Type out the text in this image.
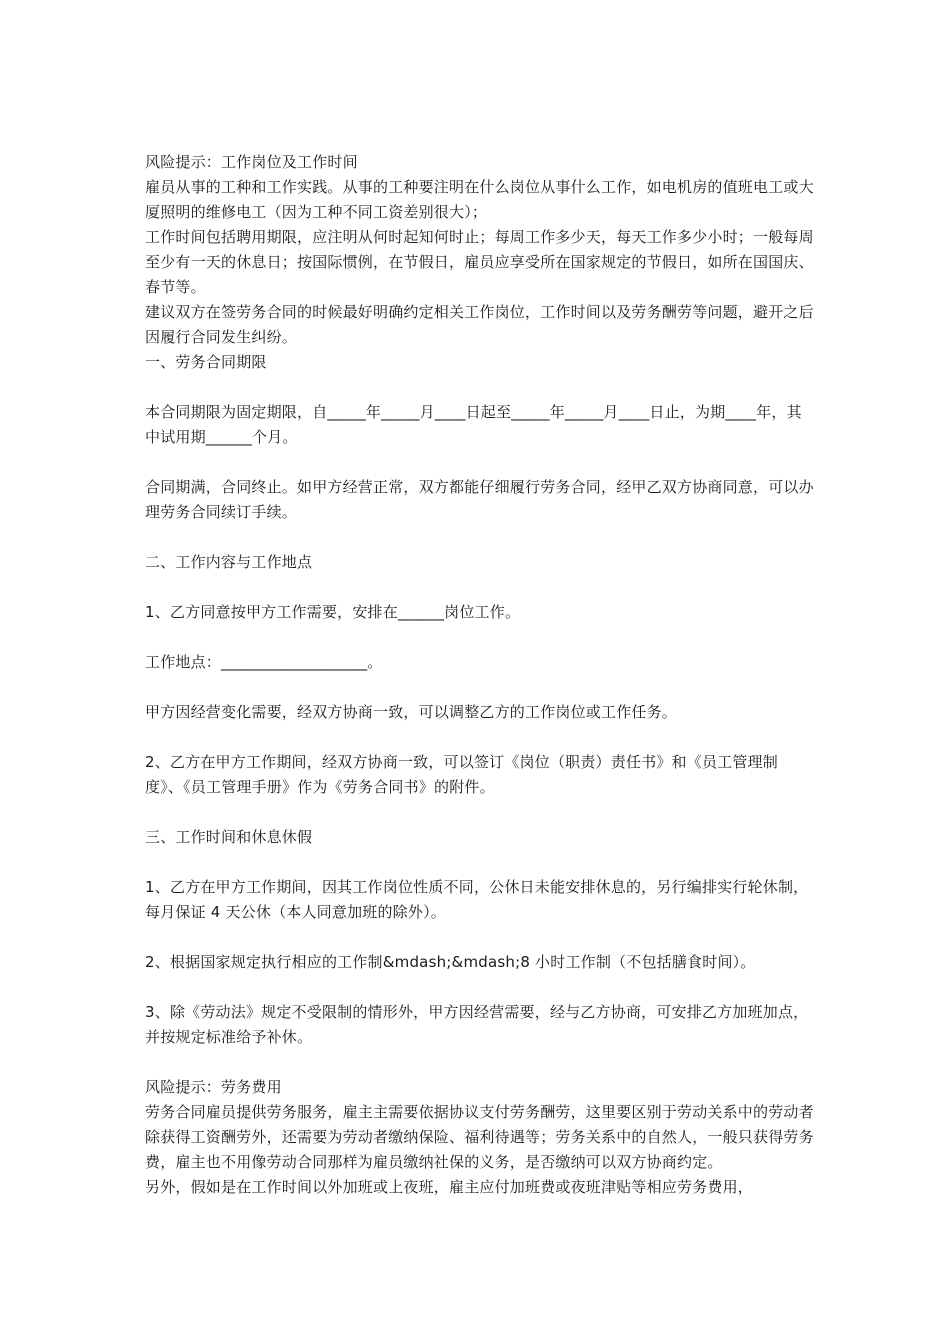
风险提示：工作岗位及工作时间

雇员从事的工种和工作实践。从事的工种要注明在什么岗位从事什么工作，如电机房的值班电工或大厦照明的维修电工（因为工种不同工资差别很大）；

工作时间包括聘用期限，应注明从何时起知何时止；每周工作多少天，每天工作多少小时；一般每周至少有一天的休息日；按国际惯例，在节假日，雇员应享受所在国家规定的节假日，如所在国国庆、春节等。

建议双方在签劳务合同的时候最好明确约定相关工作岗位，工作时间以及劳务酬劳等问题，避开之后因履行合同发生纠纷。

一、劳务合同期限

本合同期限为固定期限，自_____年_____月____日起至_____年_____月____日止，为期____年，其中试用期______个月。

合同期满，合同终止。如甲方经营正常，双方都能仔细履行劳务合同，经甲乙双方协商同意，可以办理劳务合同续订手续。

二、工作内容与工作地点

1、乙方同意按甲方工作需要，安排在______岗位工作。

工作地点：___________________。

甲方因经营变化需要，经双方协商一致，可以调整乙方的工作岗位或工作任务。

2、乙方在甲方工作期间，经双方协商一致，可以签订《岗位（职责）责任书》和《员工管理制度》、《员工管理手册》作为《劳务合同书》的附件。

三、工作时间和休息休假

1、乙方在甲方工作期间，因其工作岗位性质不同，公休日未能安排休息的，另行编排实行轮休制，每月保证 4 天公休（本人同意加班的除外）。

2、根据国家规定执行相应的工作制&mdash;&mdash;8 小时工作制（不包括膳食时间）。

3、除《劳动法》规定不受限制的情形外，甲方因经营需要，经与乙方协商，可安排乙方加班加点，并按规定标准给予补休。

风险提示：劳务费用

劳务合同雇员提供劳务服务，雇主主需要依据协议支付劳务酬劳，这里要区别于劳动关系中的劳动者除获得工资酬劳外，还需要为劳动者缴纳保险、福利待遇等；劳务关系中的自然人，一般只获得劳务费，雇主也不用像劳动合同那样为雇员缴纳社保的义务，是否缴纳可以双方协商约定。

另外，假如是在工作时间以外加班或上夜班，雇主应付加班费或夜班津贴等相应劳务费用，
